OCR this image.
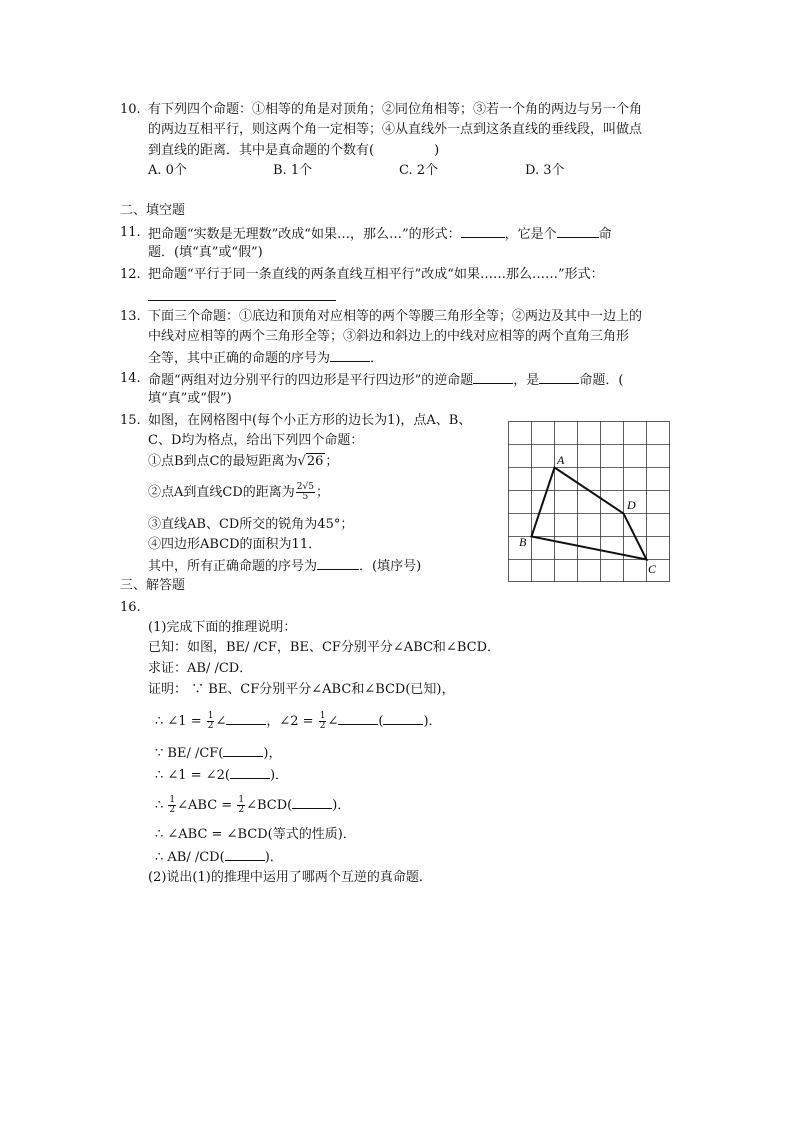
10. 有下列四个命题：①相等的角是对顶角；②同位角相等；③若一个角的两边与另一个角
的两边互相平行，则这两个角一定相等；④从直线外一点到这条直线的垂线段，叫做点
到直线的距离．其中是真命题的个数有(	)
A. 0个	B. 1个	C. 2个	D. 3个
二、填空题
11. 把命题“实数是无理数”改成“如果…，那么…”的形式：	，它是个	命
题．(填“真”或“假”)
12. 把命题“平行于同一条直线的两条直线互相平行”改成“如果……那么……”形式：
13. 下面三个命题：①底边和顶角对应相等的两个等腰三角形全等；②两边及其中一边上的
中线对应相等的两个三角形全等；③斜边和斜边上的中线对应相等的两个直角三角形
全等，其中正确的命题的序号为	．
14. 命题“两组对边分别平行的四边形是平行四边形”的逆命题	，是	命题．(
填“真”或“假”)
15. 如图，在网格图中(每个小正方形的边长为1)，点A、B、
C、D均为格点，给出下列四个命题：
①点B到点C的最短距离为√26 ；
②点A到直线CD的距离为 $\frac{2√5}{5}$ ；
③直线AB、CD所交的锐角为45°；
④四边形ABCD的面积为11．
其中，所有正确命题的序号为	．(填序号)
A
B
C
D
三、解答题
16.
(1)完成下面的推理说明：
已知：如图，BE/ /CF，BE、CF分别平分∠ABC和∠BCD．
求证：AB/ /CD．
证明： ∵ BE、CF分别平分∠ABC和∠BCD(已知)，
∴ ∠1 = $\frac{1}{2}$ ∠	，∠2 = $\frac{1}{2}$ ∠	(	)．
∵ BE/ /CF(	)，
∴ ∠1 = ∠2(	)．
∴ $\frac{1}{2}$ ∠ABC = $\frac{1}{2}$ ∠BCD(	)．
∴ ∠ABC = ∠BCD(等式的性质)．
∴ AB/ /CD(	)．
(2)说出(1)的推理中运用了哪两个互逆的真命题．
